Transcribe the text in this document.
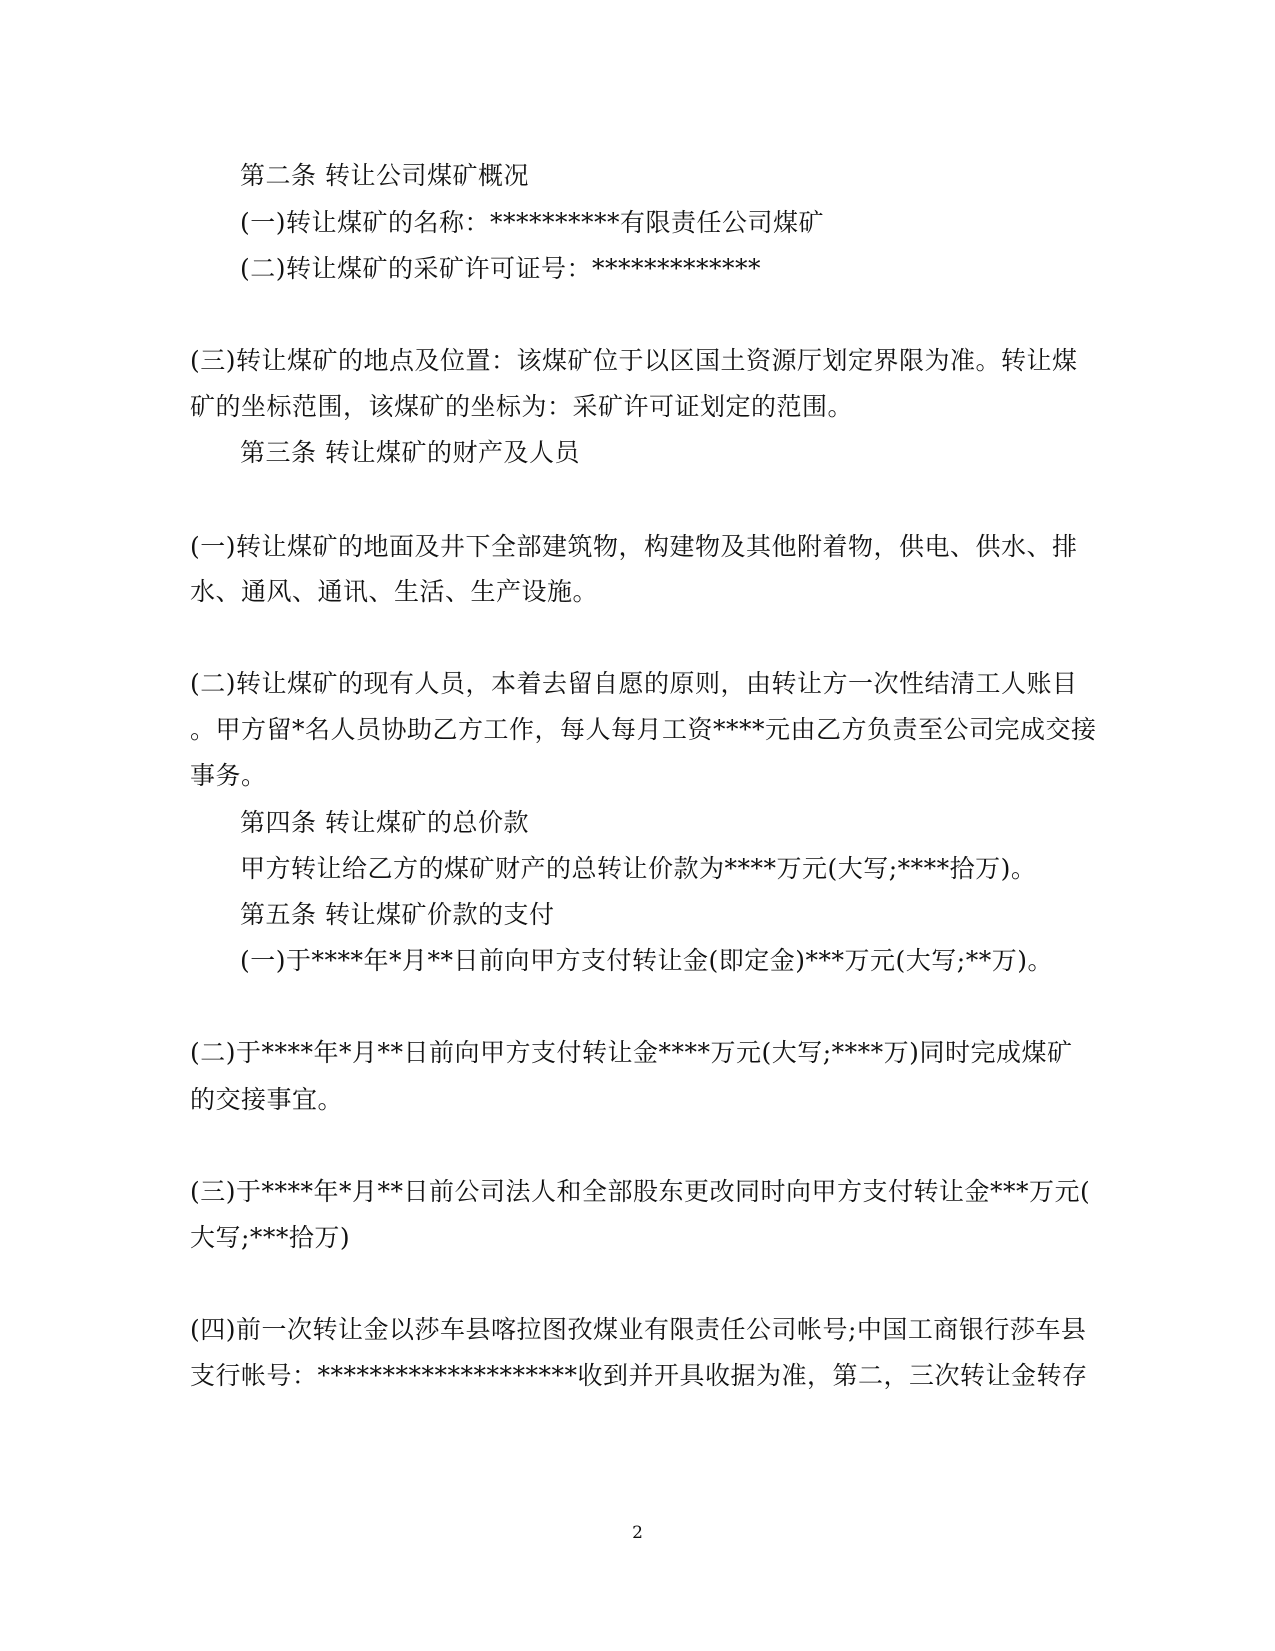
第二条 转让公司煤矿概况
(一)转让煤矿的名称：**********有限责任公司煤矿
(二)转让煤矿的采矿许可证号：*************
(三)转让煤矿的地点及位置：该煤矿位于以区国土资源厅划定界限为准。转让煤
矿的坐标范围，该煤矿的坐标为：采矿许可证划定的范围。
第三条 转让煤矿的财产及人员
(一)转让煤矿的地面及井下全部建筑物，构建物及其他附着物，供电、供水、排
水、通风、通讯、生活、生产设施。
(二)转让煤矿的现有人员，本着去留自愿的原则，由转让方一次性结清工人账目
。甲方留*名人员协助乙方工作，每人每月工资****元由乙方负责至公司完成交接
事务。
第四条 转让煤矿的总价款
甲方转让给乙方的煤矿财产的总转让价款为****万元(大写;****拾万)。
第五条 转让煤矿价款的支付
(一)于****年*月**日前向甲方支付转让金(即定金)***万元(大写;**万)。
(二)于****年*月**日前向甲方支付转让金****万元(大写;****万)同时完成煤矿
的交接事宜。
(三)于****年*月**日前公司法人和全部股东更改同时向甲方支付转让金***万元(
大写;***拾万)
(四)前一次转让金以莎车县喀拉图孜煤业有限责任公司帐号;中国工商银行莎车县
支行帐号：********************收到并开具收据为准，第二，三次转让金转存
2
